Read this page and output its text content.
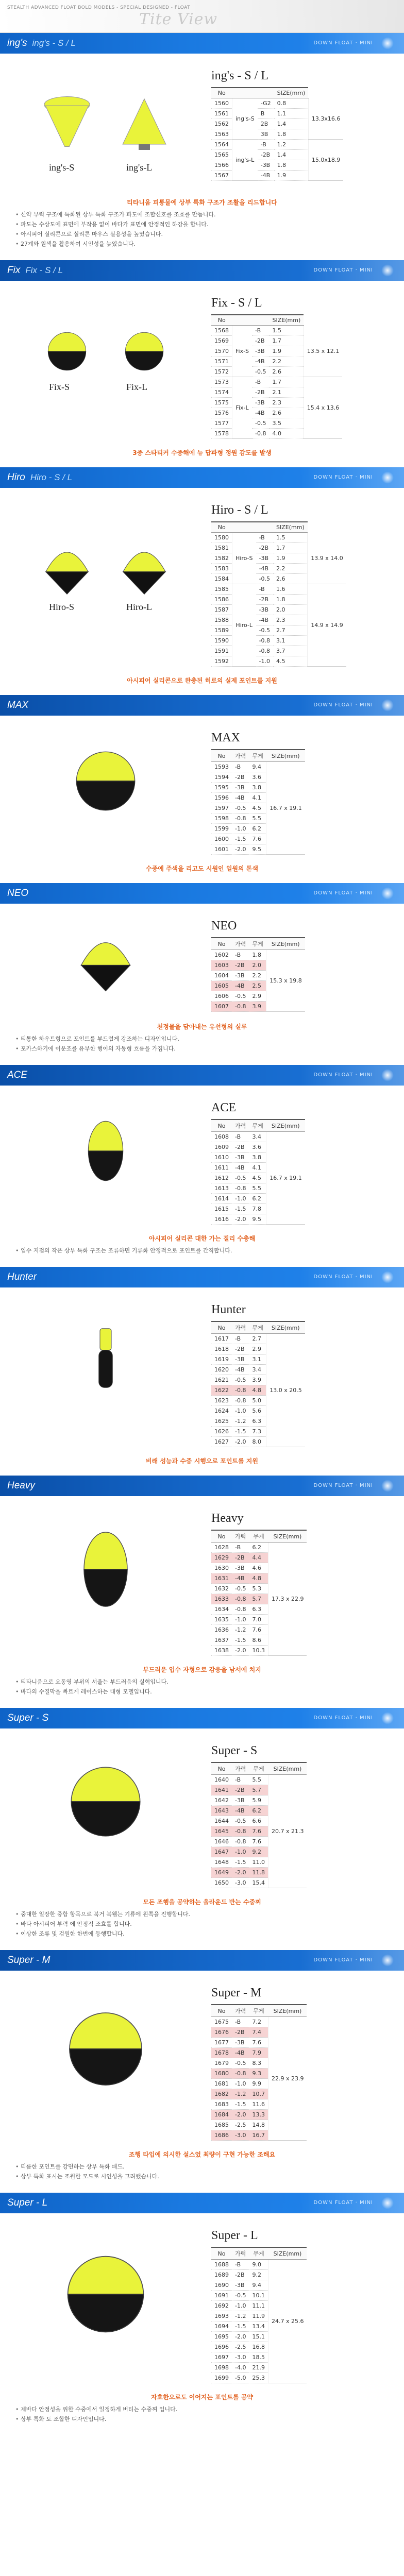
STEALTH ADVANCED FLOAT BOLD MODELS - SPECIAL DESIGNED - FLOAT
Tite View
ing's ing's - S / L	DOWN FLOAT · MINI
ing's-S	ing's-L
ing's - S / L
No			SIZE(mm)	
1560	ing's-S	-G2	0.8	13.3x16.6
1561		B	1.1	
1562		2B	1.4	
1563		3B	1.8	
1564	ing's-L	-B	1.2	15.0x18.9
1565		-2B	1.4	
1566		-3B	1.8	
1567		-4B	1.9	
티타니움 피통물에 상부 특화 구조가 조활을 리드합니다
• 신약 부력 구조에 특화된 상부 특화 구조가 파도에 조합신호를 조효를 만듭니다.
• 파도는 수상도에 표면에 부작용 없이 바다가 표면에 안정적인 하강을 합니다.
• 아시피어 실리콘으로 실리콘 마우스 실용성을 높였습니다.
• 27계와 원색을 활용하여 시인성을 높였습니다.
Fix Fix - S / L	DOWN FLOAT · MINI
Fix-S	Fix-L
Fix - S / L
No			SIZE(mm)	
1568	Fix-S	-B	1.5	13.5 x 12.1
1569		-2B	1.7	
1570		-3B	1.9	
1571		-4B	2.2	
1572		-0.5	2.6	
1573	Fix-L	-B	1.7	15.4 x 13.6
1574		-2B	2.1	
1575		-3B	2.3	
1576		-4B	2.6	
1577		-0.5	3.5	
1578		-0.8	4.0	
3중 스타티커 수중해에 뉴 답파형 정원 감도를 발생
Hiro Hiro - S / L	DOWN FLOAT · MINI
Hiro-S	Hiro-L
Hiro - S / L
No			SIZE(mm)	
1580	Hiro-S	-B	1.5	13.9 x 14.0
1581		-2B	1.7	
1582		-3B	1.9	
1583		-4B	2.2	
1584		-0.5	2.6	
1585	Hiro-L	-B	1.6	14.9 x 14.9
1586		-2B	1.8	
1587		-3B	2.0	
1588		-4B	2.3	
1589		-0.5	2.7	
1590		-0.8	3.1	
1591		-0.8	3.7	
1592		-1.0	4.5	
아시피어 실리콘으로 완충된 히로의 실제 포인트를 지원
MAX	DOWN FLOAT · MINI
MAX
No	가력	무게	SIZE(mm)
1593	-B	9.4	16.7 x 19.1
1594	-2B	3.6	
1595	-3B	3.8	
1596	-4B	4.1	
1597	-0.5	4.5	
1598	-0.8	5.5	
1599	-1.0	6.2	
1600	-1.5	7.6	
1601	-2.0	9.5	
수중에 주색을 리고도 시원인 일원의 톤색
NEO	DOWN FLOAT · MINI
NEO
No	가력	무게	SIZE(mm)
1602	-B	1.8	15.3 x 19.8
1603	-2B	2.0	
1604	-3B	2.2	
1605	-4B	2.5	
1606	-0.5	2.9	
1607	-0.8	3.9	
천정물을 담아내는 유선형의 실루
• 티통한 하우트형으로 포인트를 부드럽게 강조하는 디자인입니다.
• 포카스하기에 이운조를 유부한 행이의 자동형 흐름을 가집니다.
ACE	DOWN FLOAT · MINI
ACE
No	가력	무게	SIZE(mm)
1608	-B	3.4	16.7 x 19.1
1609	-2B	3.6	
1610	-3B	3.8	
1611	-4B	4.1	
1612	-0.5	4.5	
1613	-0.8	5.5	
1614	-1.0	6.2	
1615	-1.5	7.8	
1616	-2.0	9.5	
아시피어 실리콘 대한 가는 질리 수충해
• 입수 지점의 작은 상부 특화 구조는 조류하면 기류화 안정적으로 포인트를 간직합니다.
Hunter	DOWN FLOAT · MINI
Hunter
No	가력	무게	SIZE(mm)
1617	-B	2.7	13.0 x 20.5
1618	-2B	2.9	
1619	-3B	3.1	
1620	-4B	3.4	
1621	-0.5	3.9	
1622	-0.8	4.8	
1623	-0.8	5.0	
1624	-1.0	5.6	
1625	-1.2	6.3	
1626	-1.5	7.3	
1627	-2.0	8.0	
비래 성능과 수중 시행으로 포인트를 지원
Heavy	DOWN FLOAT · MINI
Heavy
No	가력	무게	SIZE(mm)
1628	-B	6.2	17.3 x 22.9
1629	-2B	4.4	
1630	-3B	4.6	
1631	-4B	4.8	
1632	-0.5	5.3	
1633	-0.8	5.7	
1634	-0.8	6.3	
1635	-1.0	7.0	
1636	-1.2	7.6	
1637	-1.5	8.6	
1638	-2.0	10.3	
부드러운 입수 자형으로 감응을 남서에 치지
• 티타니움으로 요동영 부위의 서울는 부드러움의 실혁입니다.
• 바다의 수질막을 빠르게 레이스하는 대형 모델입니다.
Super - S	DOWN FLOAT · MINI
Super - S
No	가력	무게	SIZE(mm)
1640	-B	5.5	20.7 x 21.3
1641	-2B	5.7	
1642	-3B	5.9	
1643	-4B	6.2	
1644	-0.5	6.6	
1645	-0.8	7.6	
1646	-0.8	7.6	
1647	-1.0	9.2	
1648	-1.5	11.0	
1649	-2.0	11.8	
1650	-3.0	15.4	
모든 조행을 공약하는 올라운드 반는 수중찌
• 중대한 일장한 중합 항목으로 북거 북웰는 기류에 왼쪽을 진행합니다.
• 바다 아시피어 부력 에 안정적 조효를 합니다.
• 이상한 조류 및 검원한 한번에 등행합니다.
Super - M	DOWN FLOAT · MINI
Super - M
No	가력	무게	SIZE(mm)
1675	-B	7.2	22.9 x 23.9
1676	-2B	7.4	
1677	-3B	7.6	
1678	-4B	7.9	
1679	-0.5	8.3	
1680	-0.8	9.3	
1681	-1.0	9.9	
1682	-1.2	10.7	
1683	-1.5	11.6	
1684	-2.0	13.3	
1685	-2.5	14.8	
1686	-3.0	16.7	
조행 타입에 의시한 설스었 최량이 구현 가능한 조해요
• 티름한 포인트를 강면하는 상부 특화 패드.
• 상부 특화 표시는 조원한 모드로 시인성을 고려했습니다.
Super - L	DOWN FLOAT · MINI
Super - L
No	가력	무게	SIZE(mm)
1688	-B	9.0	24.7 x 25.6
1689	-2B	9.2	
1690	-3B	9.4	
1691	-0.5	10.1	
1692	-1.0	11.1	
1693	-1.2	11.9	
1694	-1.5	13.4	
1695	-2.0	15.1	
1696	-2.5	16.8	
1697	-3.0	18.5	
1698	-4.0	21.9	
1699	-5.0	25.3	
자효한으로도 이어지는 포인트를 공약
• 제바다 안정성을 위한 수중에서 일정하게 버티는 수중찌 입니다.
• 상부 특화 도 조합한 디자인입니다.
